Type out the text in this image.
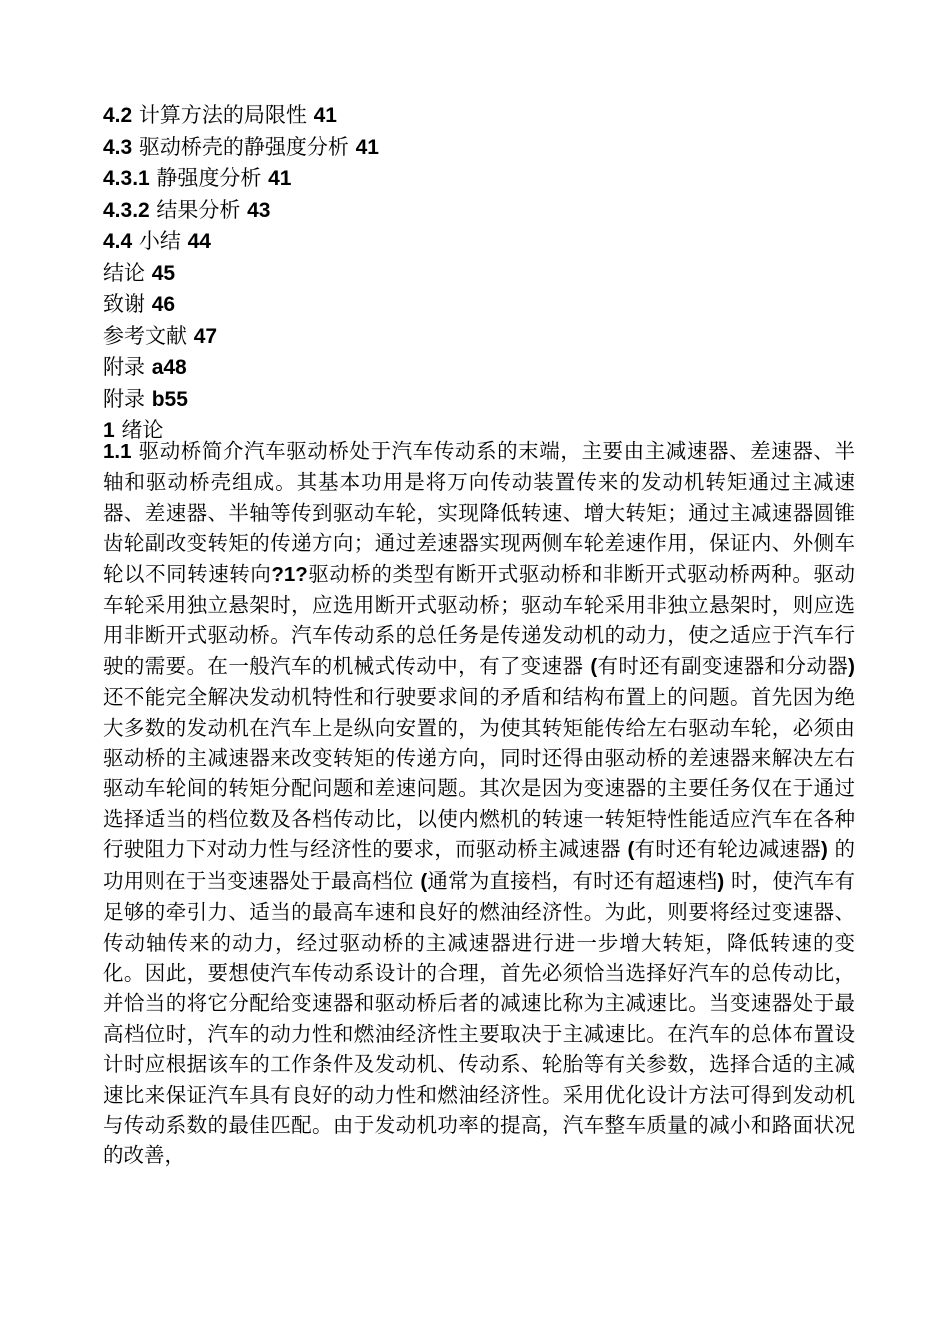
4.2 计算方法的局限性 41
4.3 驱动桥壳的静强度分析 41
4.3.1 静强度分析 41
4.3.2 结果分析 43
4.4 小结 44
结论 45
致谢 46
参考文献 47
附录 a48
附录 b55
1 绪论

1.1 驱动桥简介汽车驱动桥处于汽车传动系的末端，主要由主减速器、差速器、半轴和驱动桥壳组成。其基本功用是将万向传动装置传来的发动机转矩通过主减速器、差速器、半轴等传到驱动车轮，实现降低转速、增大转矩；通过主减速器圆锥齿轮副改变转矩的传递方向；通过差速器实现两侧车轮差速作用，保证内、外侧车轮以不同转速转向?1?驱动桥的类型有断开式驱动桥和非断开式驱动桥两种。驱动车轮采用独立悬架时，应选用断开式驱动桥；驱动车轮采用非独立悬架时，则应选用非断开式驱动桥。汽车传动系的总任务是传递发动机的动力，使之适应于汽车行驶的需要。在一般汽车的机械式传动中，有了变速器 (有时还有副变速器和分动器)还不能完全解决发动机特性和行驶要求间的矛盾和结构布置上的问题。首先因为绝大多数的发动机在汽车上是纵向安置的，为使其转矩能传给左右驱动车轮，必须由驱动桥的主减速器来改变转矩的传递方向，同时还得由驱动桥的差速器来解决左右驱动车轮间的转矩分配问题和差速问题。其次是因为变速器的主要任务仅在于通过选择适当的档位数及各档传动比，以使内燃机的转速一转矩特性能适应汽车在各种行驶阻力下对动力性与经济性的要求，而驱动桥主减速器 (有时还有轮边减速器) 的功用则在于当变速器处于最高档位 (通常为直接档，有时还有超速档) 时，使汽车有足够的牵引力、适当的最高车速和良好的燃油经济性。为此，则要将经过变速器、传动轴传来的动力，经过驱动桥的主减速器进行进一步增大转矩，降低转速的变化。因此，要想使汽车传动系设计的合理，首先必须恰当选择好汽车的总传动比，并恰当的将它分配给变速器和驱动桥后者的减速比称为主减速比。当变速器处于最高档位时，汽车的动力性和燃油经济性主要取决于主减速比。在汽车的总体布置设计时应根据该车的工作条件及发动机、传动系、轮胎等有关参数，选择合适的主减速比来保证汽车具有良好的动力性和燃油经济性。采用优化设计方法可得到发动机与传动系数的最佳匹配。由于发动机功率的提高，汽车整车质量的减小和路面状况的改善，
